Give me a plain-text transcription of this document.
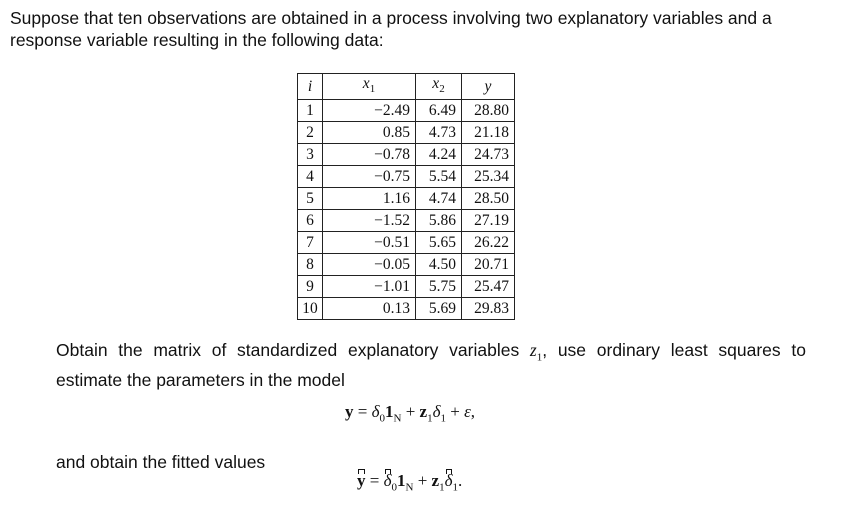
Suppose that ten observations are obtained in a process involving two explanatory variables and a response variable resulting in the following data:
i	$x_1$	$x_2$	y
1	−2.49	6.49	28.80
2	0.85	4.73	21.18
3	−0.78	4.24	24.73
4	−0.75	5.54	25.34
5	1.16	4.74	28.50
6	−1.52	5.86	27.19
7	−0.51	5.65	26.22
8	−0.05	4.50	20.71
9	−1.01	5.75	25.47
10	0.13	5.69	29.83
Obtain the matrix of standardized explanatory variables $z_1$, use ordinary least squares to estimate the parameters in the model
$y = \delta_01_N + z_1\delta_1 + \varepsilon$,
and obtain the fitted values
$y = \delta_01_N + z_1\delta_1$.
